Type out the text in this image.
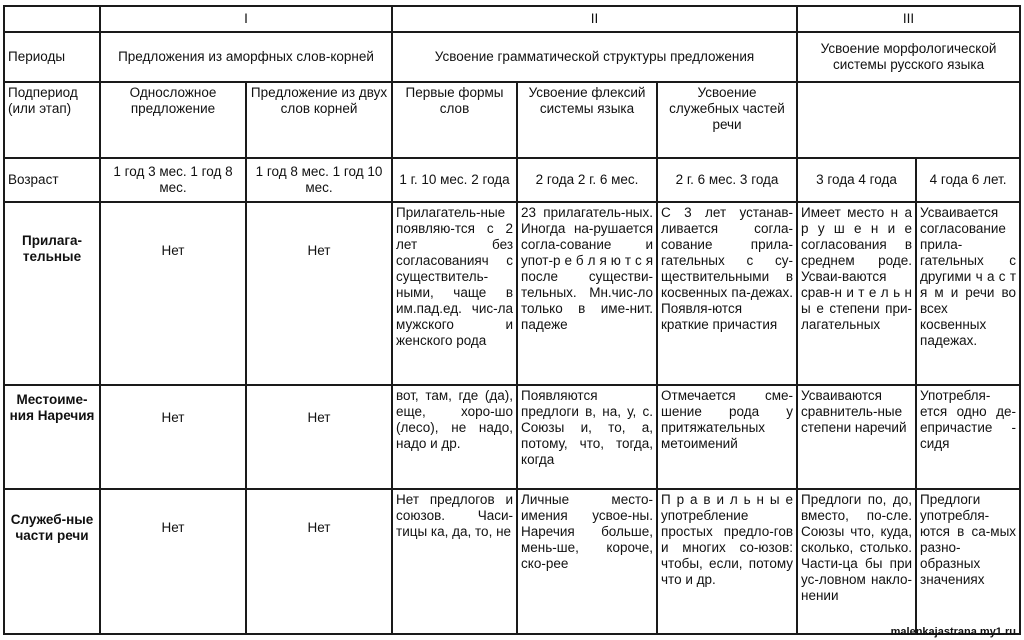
	I		II			III	
Периоды	Предложения из аморфных слов-корней		Усвоение грамматической структуры предложения			Усвоение морфологической системы русского языка	
Подпериод (или этап)	Односложное предложение	Предложение из двух слов корней	Первые формы слов	Усвоение флексий системы языка	Усвоение служебных частей речи		
Возраст	1 год 3 мес. 1 год 8 мес.	1 год 8 мес. 1 год 10 мес.	1 г. 10 мес. 2 года	2 года 2 г. 6 мес.	2 г. 6 мес. 3 года	3 года 4 года	4 года 6 лет.
Прилага-тельные	Нет	Нет	Прилагатель-ные появляю-тся с 2 лет без согласованияч с существитель-ными, чаще в им.пад.ед. чис-ла мужского и женского рода	23 прилагатель-ных. Иногда на-рушается согла-сование и упот-р е б л я ю т с я после существи-тельных. Мн.чис-ло только в име-нит. падеже	С 3 лет устанав-ливается согла-сование прила-гательных с су-ществительными в косвенных па-дежах. Появля-ются краткие причастия	Имеет место н а р у ш е н и е согласования в среднем роде. Усваи-ваются срав-н и т е л ь н ы е степени при-лагательных	Усваивается согласование прила-гательных с другими ч а с т я м и речи во всех косвенных падежах.
Местоиме-ния Наречия	Нет	Нет	вот, там, где (да), еще, хоро-шо (лесо), не надо, надо и др.	Появляются предлоги в, на, у, с. Союзы и, то, а, потому, что, тогда, когда	Отмечается сме-шение рода у притяжательных метоимений	Усваиваются сравнитель-ные степени наречий	Употребля-ется одно де-епричастие - сидя
Служеб-ные части речи	Нет	Нет	Нет предлогов и союзов. Часи-тицы ка, да, то, не	Личные место-имения усвое-ны. Наречия больше, мень-ше, короче, ско-рее	П р а в и л ь н ы е употребление простых предло-гов и многих со-юзов: чтобы, если, потому что и др.	Предлоги по, до, вместо, по-сле. Союзы что, куда, сколько, столько. Части-ца бы при ус-ловном накло-нении	Предлоги употребля-ются в са-мых разно-образных значениях
malenkajastrana.my1.ru
